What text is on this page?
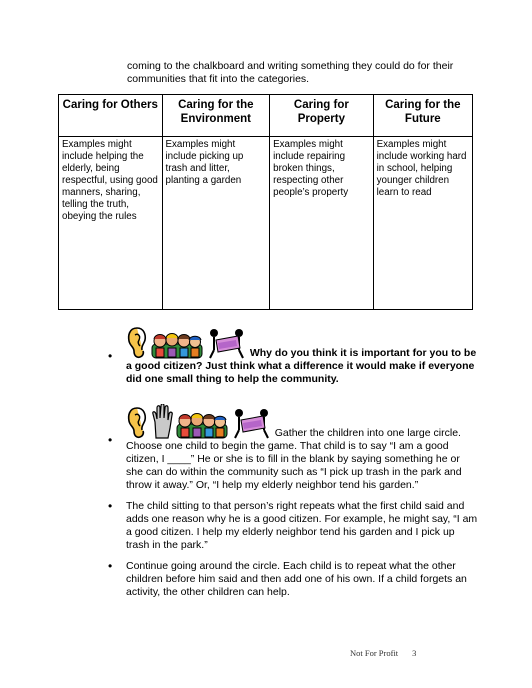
coming to the chalkboard and writing something they could do for their communities that fit into the categories.
Caring for Others	Caring for the Environment	Caring for Property	Caring for the Future
Examples might include helping the elderly, being respectful, using good manners, sharing, telling the truth, obeying the rules	Examples might include picking up trash and litter, planting a garden	Examples might include repairing broken things, respecting other people’s property	Examples might include working hard in school, helping younger children learn to read
•	Why do you think it is important for you to be a good citizen? Just think what a difference it would make if everyone did one small thing to help the community.
•	Gather the children into one large circle. Choose one child to begin the game. That child is to say “I am a good citizen, I ____” He or she is to fill in the blank by saying something he or she can do within the community such as “I pick up trash in the park and throw it away.” Or, “I help my elderly neighbor tend his garden.”
• The child sitting to that person’s right repeats what the first child said and adds one reason why he is a good citizen. For example, he might say, “I am a good citizen. I help my elderly neighbor tend his garden and I pick up trash in the park.”
• Continue going around the circle. Each child is to repeat what the other children before him said and then add one of his own. If a child forgets an activity, the other children can help.
Not For Profit 3
